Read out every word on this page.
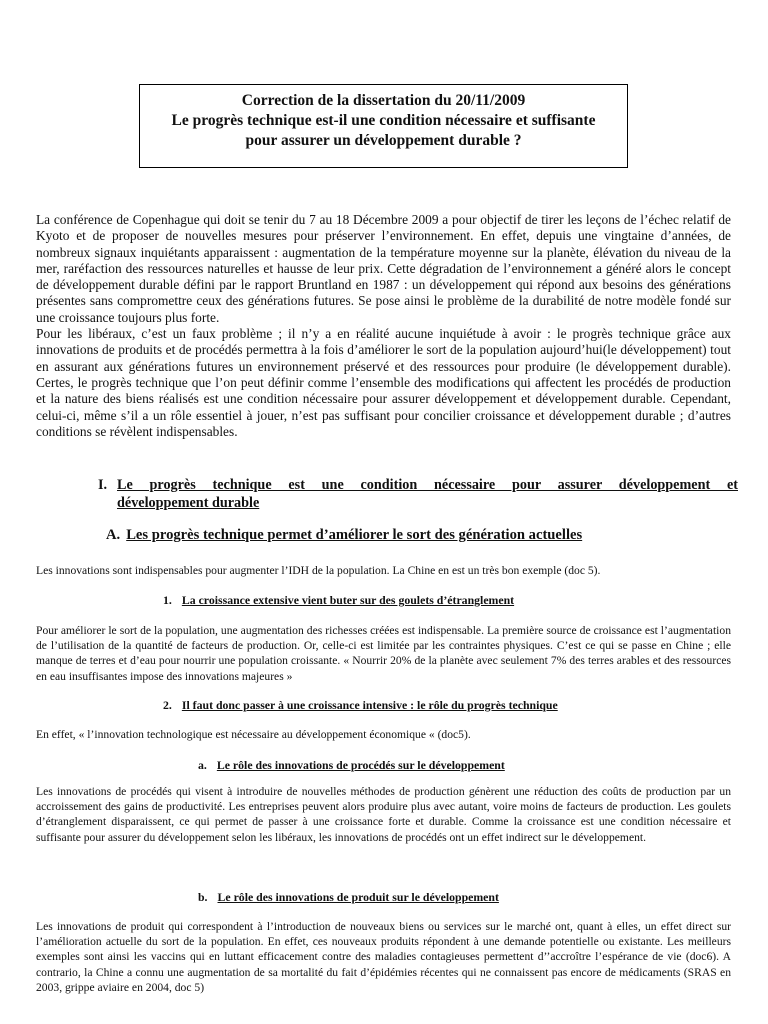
Correction de la dissertation du 20/11/2009
Le progrès technique est-il une condition nécessaire et suffisante
pour assurer un développement durable ?

La conférence de Copenhague qui doit se tenir du 7 au 18 Décembre 2009 a pour objectif de tirer les leçons de l’échec relatif de Kyoto et de proposer de nouvelles mesures pour préserver l’environnement. En effet, depuis une vingtaine d’années, de nombreux signaux inquiétants apparaissent : augmentation de la température moyenne sur la planète, élévation du niveau de la mer, raréfaction des ressources naturelles et hausse de leur prix. Cette dégradation de l’environnement a généré alors le concept de développement durable défini par le rapport Bruntland en 1987 : un développement qui répond aux besoins des générations présentes sans compromettre ceux des générations futures. Se pose ainsi le problème de la durabilité de notre modèle fondé sur une croissance toujours plus forte.

Pour les libéraux, c’est un faux problème ; il n’y a en réalité aucune inquiétude à avoir : le progrès technique grâce aux innovations de produits et de procédés permettra à la fois d’améliorer le sort de la population aujourd’hui(le développement) tout en assurant aux générations futures un environnement préservé et des ressources pour produire (le développement durable). Certes, le progrès technique que l’on peut définir comme l’ensemble des modifications qui affectent les procédés de production et la nature des biens réalisés est une condition nécessaire pour assurer développement et développement durable. Cependant, celui-ci, même s’il a un rôle essentiel à jouer, n’est pas suffisant pour concilier croissance et développement durable ; d’autres conditions se révèlent indispensables.

I. Le progrès technique est une condition nécessaire pour assurer développement et
développement durable
A. Les progrès technique permet d’améliorer le sort des génération actuelles

Les innovations sont indispensables pour augmenter l’IDH de la population. La Chine en est un très bon exemple (doc 5).

1. La croissance extensive vient buter sur des goulets d’étranglement

Pour améliorer le sort de la population, une augmentation des richesses créées est indispensable. La première source de croissance est l’augmentation de l’utilisation de la quantité de facteurs de production. Or, celle-ci est limitée par les contraintes physiques. C’est ce qui se passe en Chine ; elle manque de terres et d’eau pour nourrir une population croissante. « Nourrir 20% de la planète avec seulement 7% des terres arables et des ressources en eau insuffisantes impose des innovations majeures »

2. Il faut donc passer à une croissance intensive : le rôle du progrès technique

En effet, « l’innovation technologique est nécessaire au développement économique « (doc5).

a. Le rôle des innovations de procédés sur le développement

Les innovations de procédés qui visent à introduire de nouvelles méthodes de production génèrent une réduction des coûts de production par un accroissement des gains de productivité. Les entreprises peuvent alors produire plus avec autant, voire moins de facteurs de production. Les goulets d’étranglement disparaissent, ce qui permet de passer à une croissance forte et durable. Comme la croissance est une condition nécessaire et suffisante pour assurer du développement selon les libéraux, les innovations de procédés ont un effet indirect sur le développement.

b. Le rôle des innovations de produit sur le développement

Les innovations de produit qui correspondent à l’introduction de nouveaux biens ou services sur le marché ont, quant à elles, un effet direct sur l’amélioration actuelle du sort de la population. En effet, ces nouveaux produits répondent à une demande potentielle ou existante. Les meilleurs exemples sont ainsi les vaccins qui en luttant efficacement contre des maladies contagieuses permettent d’’accroître l’espérance de vie (doc6). A contrario, la Chine a connu une augmentation de sa mortalité du fait d’épidémies récentes qui ne connaissent pas encore de médicaments (SRAS en 2003, grippe aviaire en 2004, doc 5)
